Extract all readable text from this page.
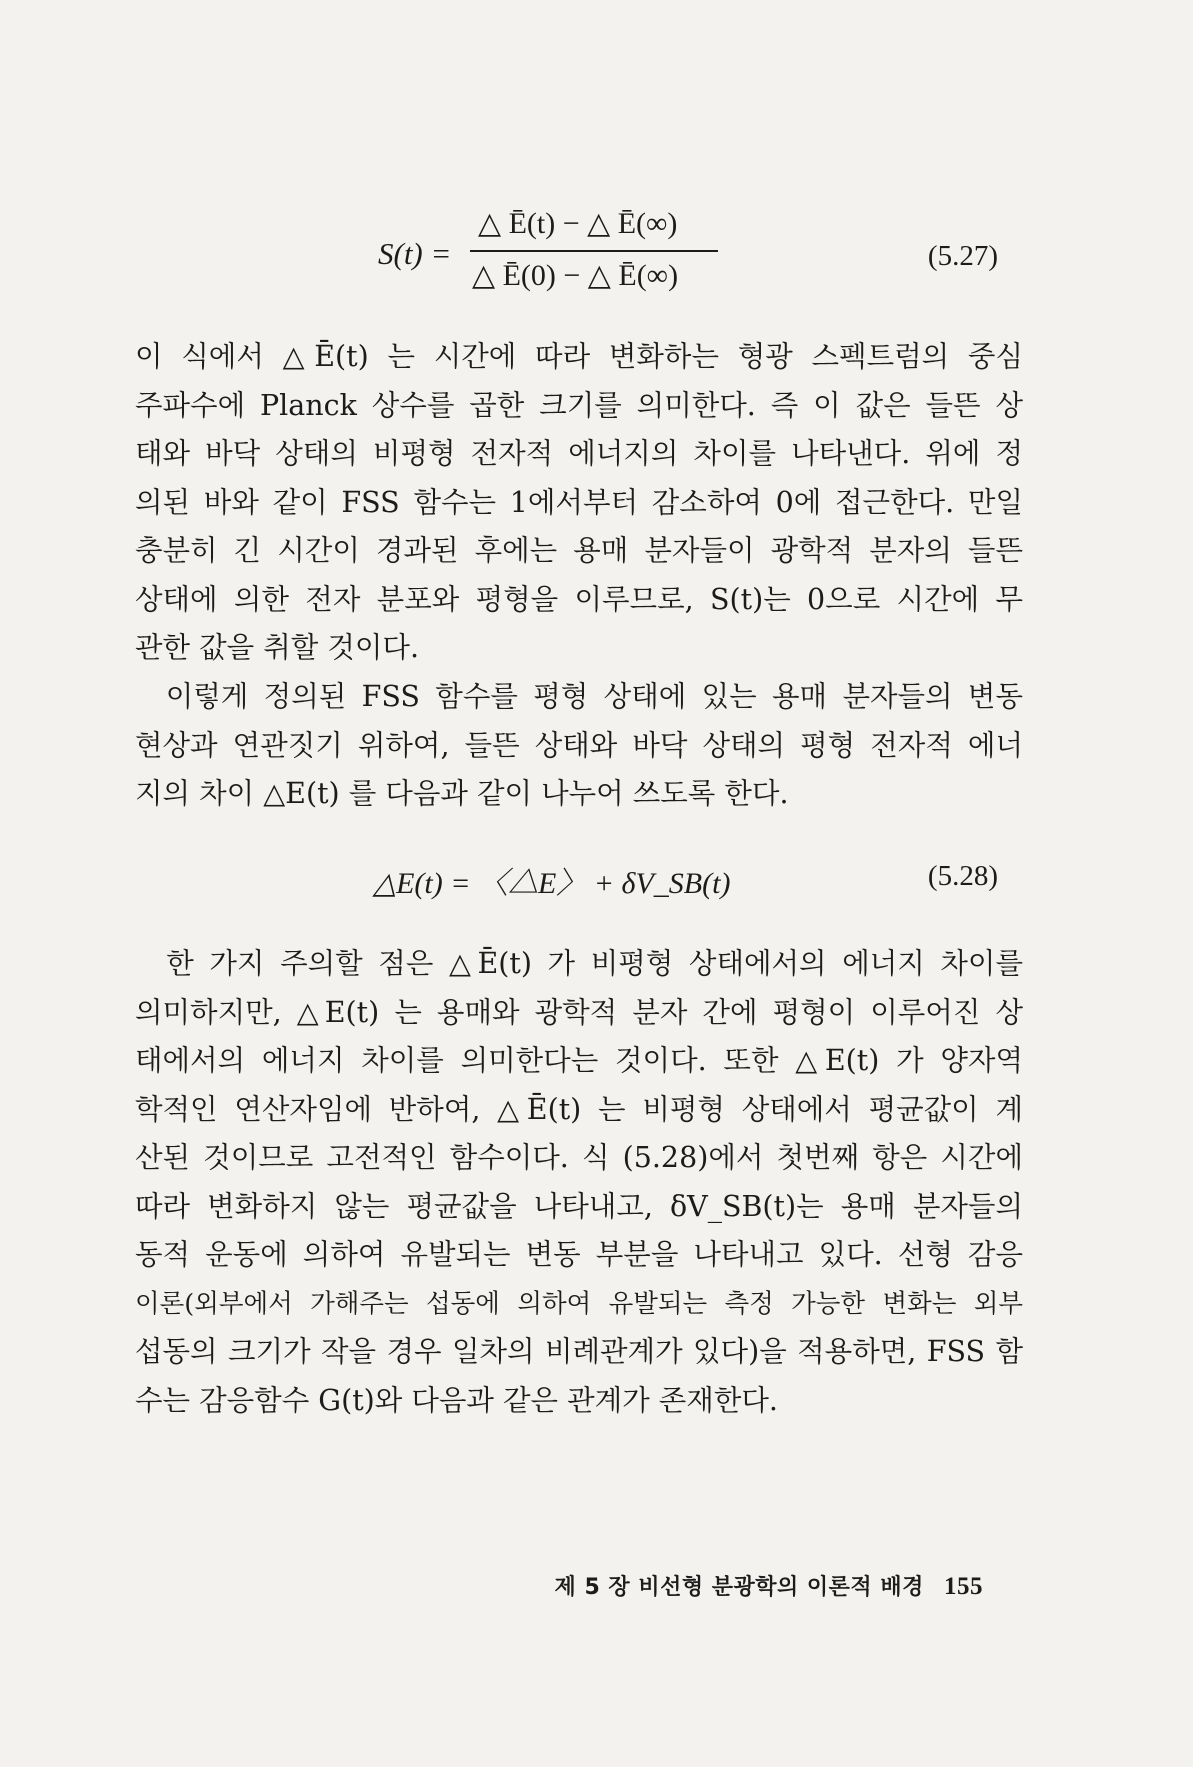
S(t) =
△ Ē(t) − △ Ē(∞)
△ Ē(0) − △ Ē(∞)
(5.27)
이 식에서 △Ē(t) 는 시간에 따라 변화하는 형광 스펙트럼의 중심
주파수에 Planck 상수를 곱한 크기를 의미한다. 즉 이 값은 들뜬 상
태와 바닥 상태의 비평형 전자적 에너지의 차이를 나타낸다. 위에 정
의된 바와 같이 FSS 함수는 1에서부터 감소하여 0에 접근한다. 만일
충분히 긴 시간이 경과된 후에는 용매 분자들이 광학적 분자의 들뜬
상태에 의한 전자 분포와 평형을 이루므로, S(t)는 0으로 시간에 무
관한 값을 취할 것이다.
이렇게 정의된 FSS 함수를 평형 상태에 있는 용매 분자들의 변동
현상과 연관짓기 위하여, 들뜬 상태와 바닥 상태의 평형 전자적 에너
지의 차이 △E(t) 를 다음과 같이 나누어 쓰도록 한다.
△E(t) = 〈△E〉 + δV_SB(t)	(5.28)
한 가지 주의할 점은 △Ē(t) 가 비평형 상태에서의 에너지 차이를
의미하지만, △E(t) 는 용매와 광학적 분자 간에 평형이 이루어진 상
태에서의 에너지 차이를 의미한다는 것이다. 또한 △E(t) 가 양자역
학적인 연산자임에 반하여, △Ē(t) 는 비평형 상태에서 평균값이 계
산된 것이므로 고전적인 함수이다. 식 (5.28)에서 첫번째 항은 시간에
따라 변화하지 않는 평균값을 나타내고, δV_SB(t)는 용매 분자들의
동적 운동에 의하여 유발되는 변동 부분을 나타내고 있다. 선형 감응
이론(외부에서 가해주는 섭동에 의하여 유발되는 측정 가능한 변화는 외부
섭동의 크기가 작을 경우 일차의 비례관계가 있다)을 적용하면, FSS 함
수는 감응함수 G(t)와 다음과 같은 관계가 존재한다.
제 5 장 비선형 분광학의 이론적 배경 155
